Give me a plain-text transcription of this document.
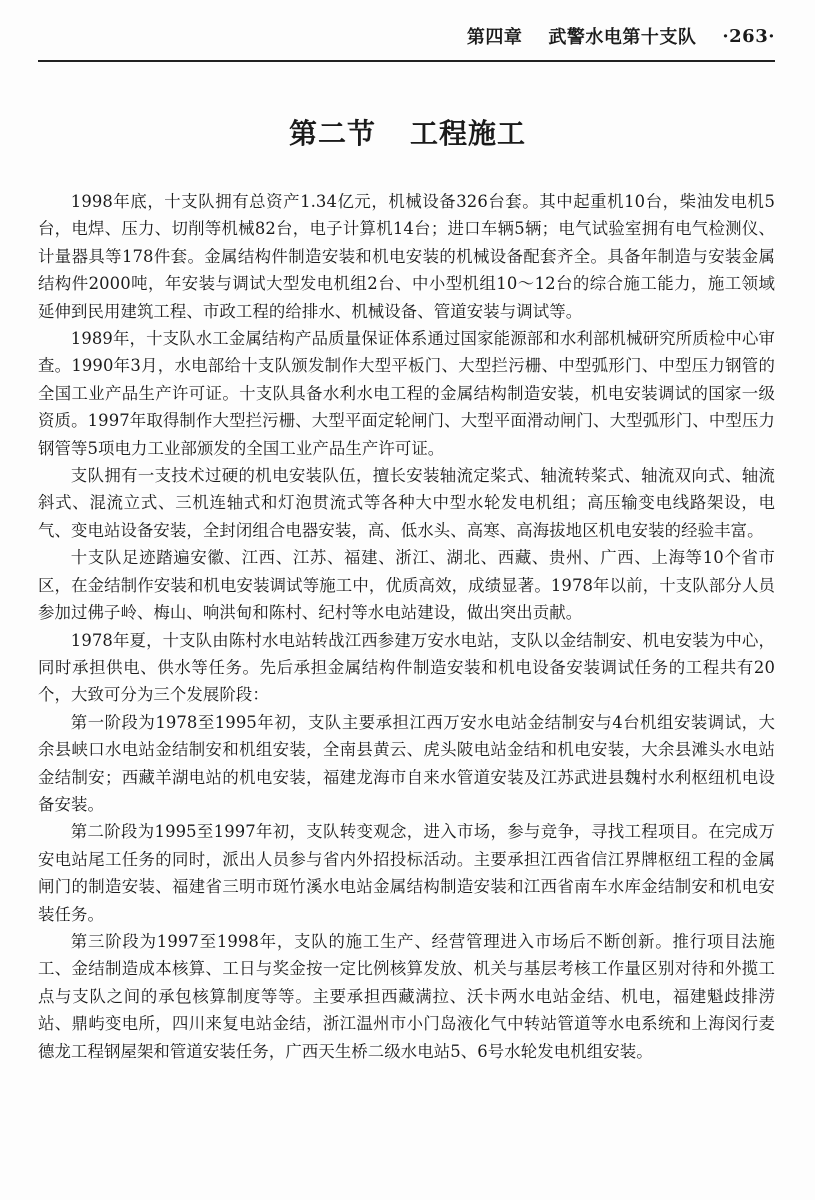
第四章 武警水电第十支队 ·263·
第二节 工程施工

1998年底，十支队拥有总资产1.34亿元，机械设备326台套。其中起重机10台，柴油发电机5台，电焊、压力、切削等机械82台，电子计算机14台；进口车辆5辆；电气试验室拥有电气检测仪、计量器具等178件套。金属结构件制造安装和机电安装的机械设备配套齐全。具备年制造与安装金属结构件2000吨，年安装与调试大型发电机组2台、中小型机组10～12台的综合施工能力，施工领域延伸到民用建筑工程、市政工程的给排水、机械设备、管道安装与调试等。

1989年，十支队水工金属结构产品质量保证体系通过国家能源部和水利部机械研究所质检中心审查。1990年3月，水电部给十支队颁发制作大型平板门、大型拦污栅、中型弧形门、中型压力钢管的全国工业产品生产许可证。十支队具备水利水电工程的金属结构制造安装，机电安装调试的国家一级资质。1997年取得制作大型拦污栅、大型平面定轮闸门、大型平面滑动闸门、大型弧形门、中型压力钢管等5项电力工业部颁发的全国工业产品生产许可证。

支队拥有一支技术过硬的机电安装队伍，擅长安装轴流定桨式、轴流转桨式、轴流双向式、轴流斜式、混流立式、三机连轴式和灯泡贯流式等各种大中型水轮发电机组；高压输变电线路架设，电气、变电站设备安装，全封闭组合电器安装，高、低水头、高寒、高海拔地区机电安装的经验丰富。

十支队足迹踏遍安徽、江西、江苏、福建、浙江、湖北、西藏、贵州、广西、上海等10个省市区，在金结制作安装和机电安装调试等施工中，优质高效，成绩显著。1978年以前，十支队部分人员参加过佛子岭、梅山、响洪甸和陈村、纪村等水电站建设，做出突出贡献。

1978年夏，十支队由陈村水电站转战江西参建万安水电站，支队以金结制安、机电安装为中心，同时承担供电、供水等任务。先后承担金属结构件制造安装和机电设备安装调试任务的工程共有20个，大致可分为三个发展阶段：

第一阶段为1978至1995年初，支队主要承担江西万安水电站金结制安与4台机组安装调试，大余县峡口水电站金结制安和机组安装，全南县黄云、虎头陂电站金结和机电安装，大余县滩头水电站金结制安；西藏羊湖电站的机电安装，福建龙海市自来水管道安装及江苏武进县魏村水利枢纽机电设备安装。

第二阶段为1995至1997年初，支队转变观念，进入市场，参与竞争，寻找工程项目。在完成万安电站尾工任务的同时，派出人员参与省内外招投标活动。主要承担江西省信江界牌枢纽工程的金属闸门的制造安装、福建省三明市斑竹溪水电站金属结构制造安装和江西省南车水库金结制安和机电安装任务。

第三阶段为1997至1998年，支队的施工生产、经营管理进入市场后不断创新。推行项目法施工、金结制造成本核算、工日与奖金按一定比例核算发放、机关与基层考核工作量区别对待和外揽工点与支队之间的承包核算制度等等。主要承担西藏满拉、沃卡两水电站金结、机电，福建魁歧排涝站、鼎屿变电所，四川来复电站金结，浙江温州市小门岛液化气中转站管道等水电系统和上海闵行麦德龙工程钢屋架和管道安装任务，广西天生桥二级水电站5、6号水轮发电机组安装。
